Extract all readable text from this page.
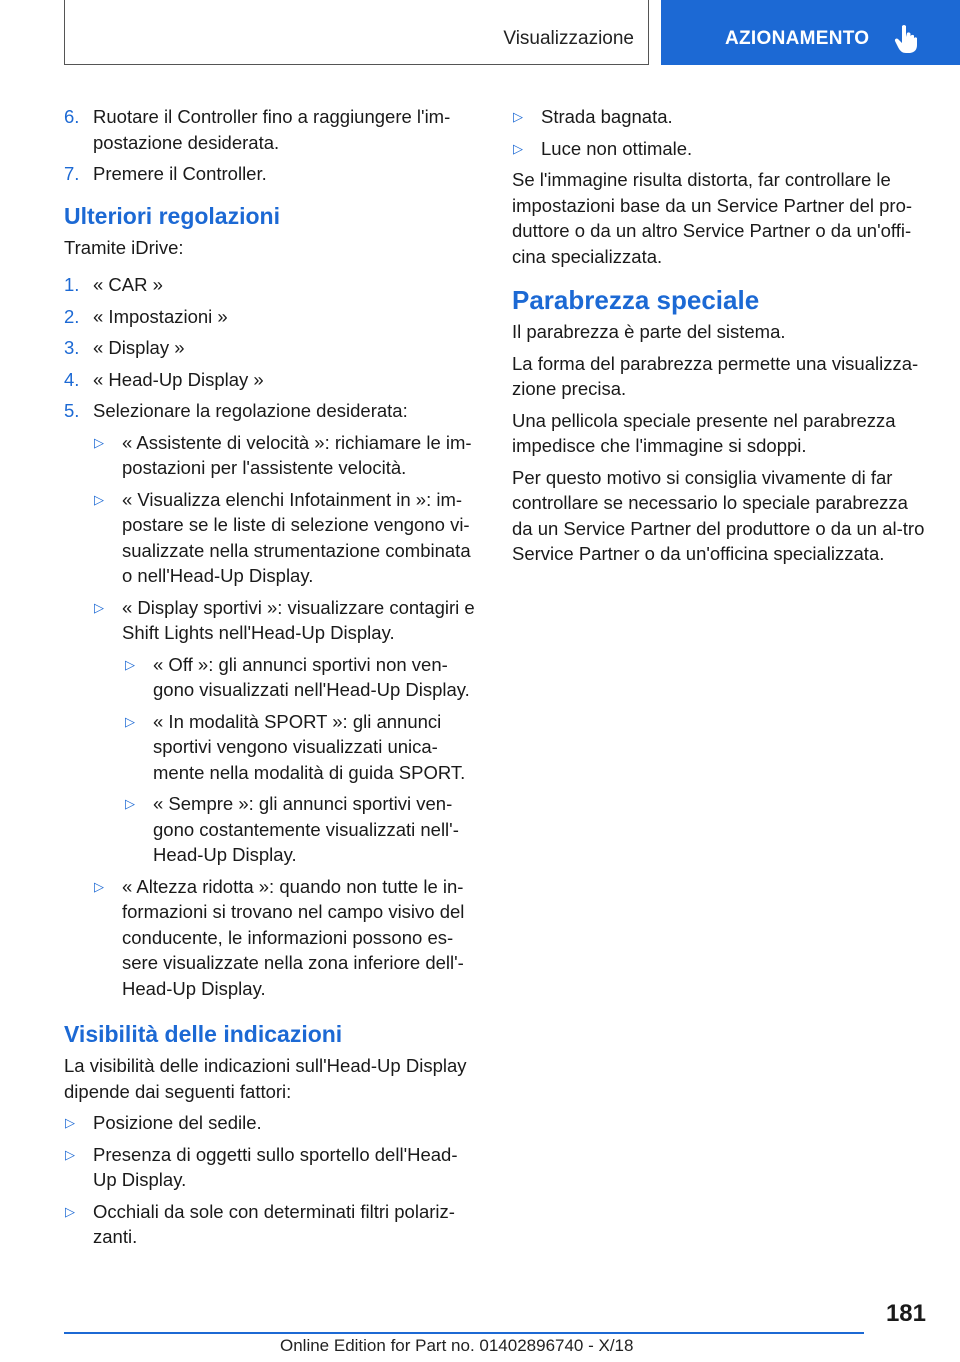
Visualizzazione	AZIONAMENTO
6. Ruotare il Controller fino a raggiungere l'im-postazione desiderata.
7. Premere il Controller.
Ulteriori regolazioni

Tramite iDrive:

1. « CAR »
2. « Impostazioni »
3. « Display »
4. « Head-Up Display »
5. Selezionare la regolazione desiderata:
▷ « Assistente di velocità »: richiamare le im-postazioni per l'assistente velocità.
▷ « Visualizza elenchi Infotainment in »: im-postare se le liste di selezione vengono vi-sualizzate nella strumentazione combinata o nell'Head-Up Display.
▷ « Display sportivi »: visualizzare contagiri e Shift Lights nell'Head-Up Display.
▷ « Off »: gli annunci sportivi non ven-gono visualizzati nell'Head-Up Display.
▷ « In modalità SPORT »: gli annunci sportivi vengono visualizzati unica-mente nella modalità di guida SPORT.
▷ « Sempre »: gli annunci sportivi ven-gono costantemente visualizzati nell'-Head-Up Display.
▷ « Altezza ridotta »: quando non tutte le in-formazioni si trovano nel campo visivo del conducente, le informazioni possono es-sere visualizzate nella zona inferiore dell'-Head-Up Display.
Visibilità delle indicazioni

La visibilità delle indicazioni sull'Head-Up Display dipende dai seguenti fattori:

▷ Posizione del sedile.
▷ Presenza di oggetti sullo sportello dell'Head-Up Display.
▷ Occhiali da sole con determinati filtri polariz-zanti.
▷ Strada bagnata.
▷ Luce non ottimale.

Se l'immagine risulta distorta, far controllare le impostazioni base da un Service Partner del pro-duttore o da un altro Service Partner o da un'offi-cina specializzata.

Parabrezza speciale

Il parabrezza è parte del sistema.

La forma del parabrezza permette una visualizza-zione precisa.

Una pellicola speciale presente nel parabrezza impedisce che l'immagine si sdoppi.

Per questo motivo si consiglia vivamente di far controllare se necessario lo speciale parabrezza da un Service Partner del produttore o da un al-tro Service Partner o da un'officina specializzata.

181
Online Edition for Part no. 01402896740 - X/18
